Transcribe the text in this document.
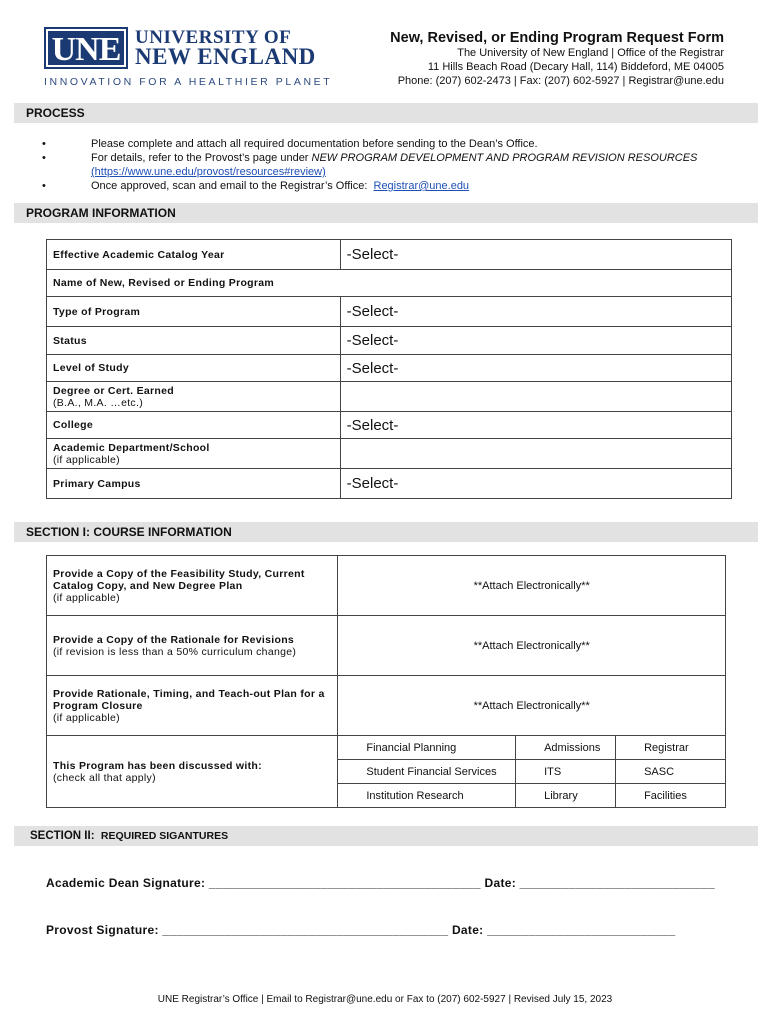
UNE UNIVERSITY OF
NEW ENGLAND
INNOVATION FOR A HEALTHIER PLANET
New, Revised, or Ending Program Request Form
The University of New England | Office of the Registrar
11 Hills Beach Road (Decary Hall, 114) Biddeford, ME 04005
Phone: (207) 602-2473 | Fax: (207) 602-5927 | Registrar@une.edu
PROCESS
•	Please complete and attach all required documentation before sending to the Dean’s Office.
•	For details, refer to the Provost’s page under NEW PROGRAM DEVELOPMENT AND PROGRAM REVISION RESOURCES
(https://www.une.edu/provost/resources#review)
•	Once approved, scan and email to the Registrar’s Office: Registrar@une.edu
PROGRAM INFORMATION
Effective Academic Catalog Year	-Select-
Name of New, Revised or Ending Program	
Type of Program	-Select-
Status	-Select-
Level of Study	-Select-

Degree or Cert. Earned
(B.A., M.A. …etc.)	

College	-Select-

Academic Department/School
(if applicable)	

Primary Campus	-Select-
SECTION I: COURSE INFORMATION
Provide a Copy of the Feasibility Study, Current
Catalog Copy, and New Degree Plan
(if applicable)	**Attach Electronically**		

Provide a Copy of the Rationale for Revisions
(if revision is less than a 50% curriculum change)	**Attach Electronically**		

Provide Rationale, Timing, and Teach-out Plan for a
Program Closure
(if applicable)	**Attach Electronically**		

This Program has been discussed with:
(check all that apply)	Financial Planning	Admissions	Registrar
	Student Financial Services	ITS	SASC
	Institution Research	Library	Facilities
SECTION II: REQUIRED SIGANTURES
Academic Dean Signature: _______________________________________ Date: ____________________________
Provost Signature: _________________________________________ Date: ___________________________
UNE Registrar’s Office | Email to Registrar@une.edu or Fax to (207) 602-5927 | Revised July 15, 2023
